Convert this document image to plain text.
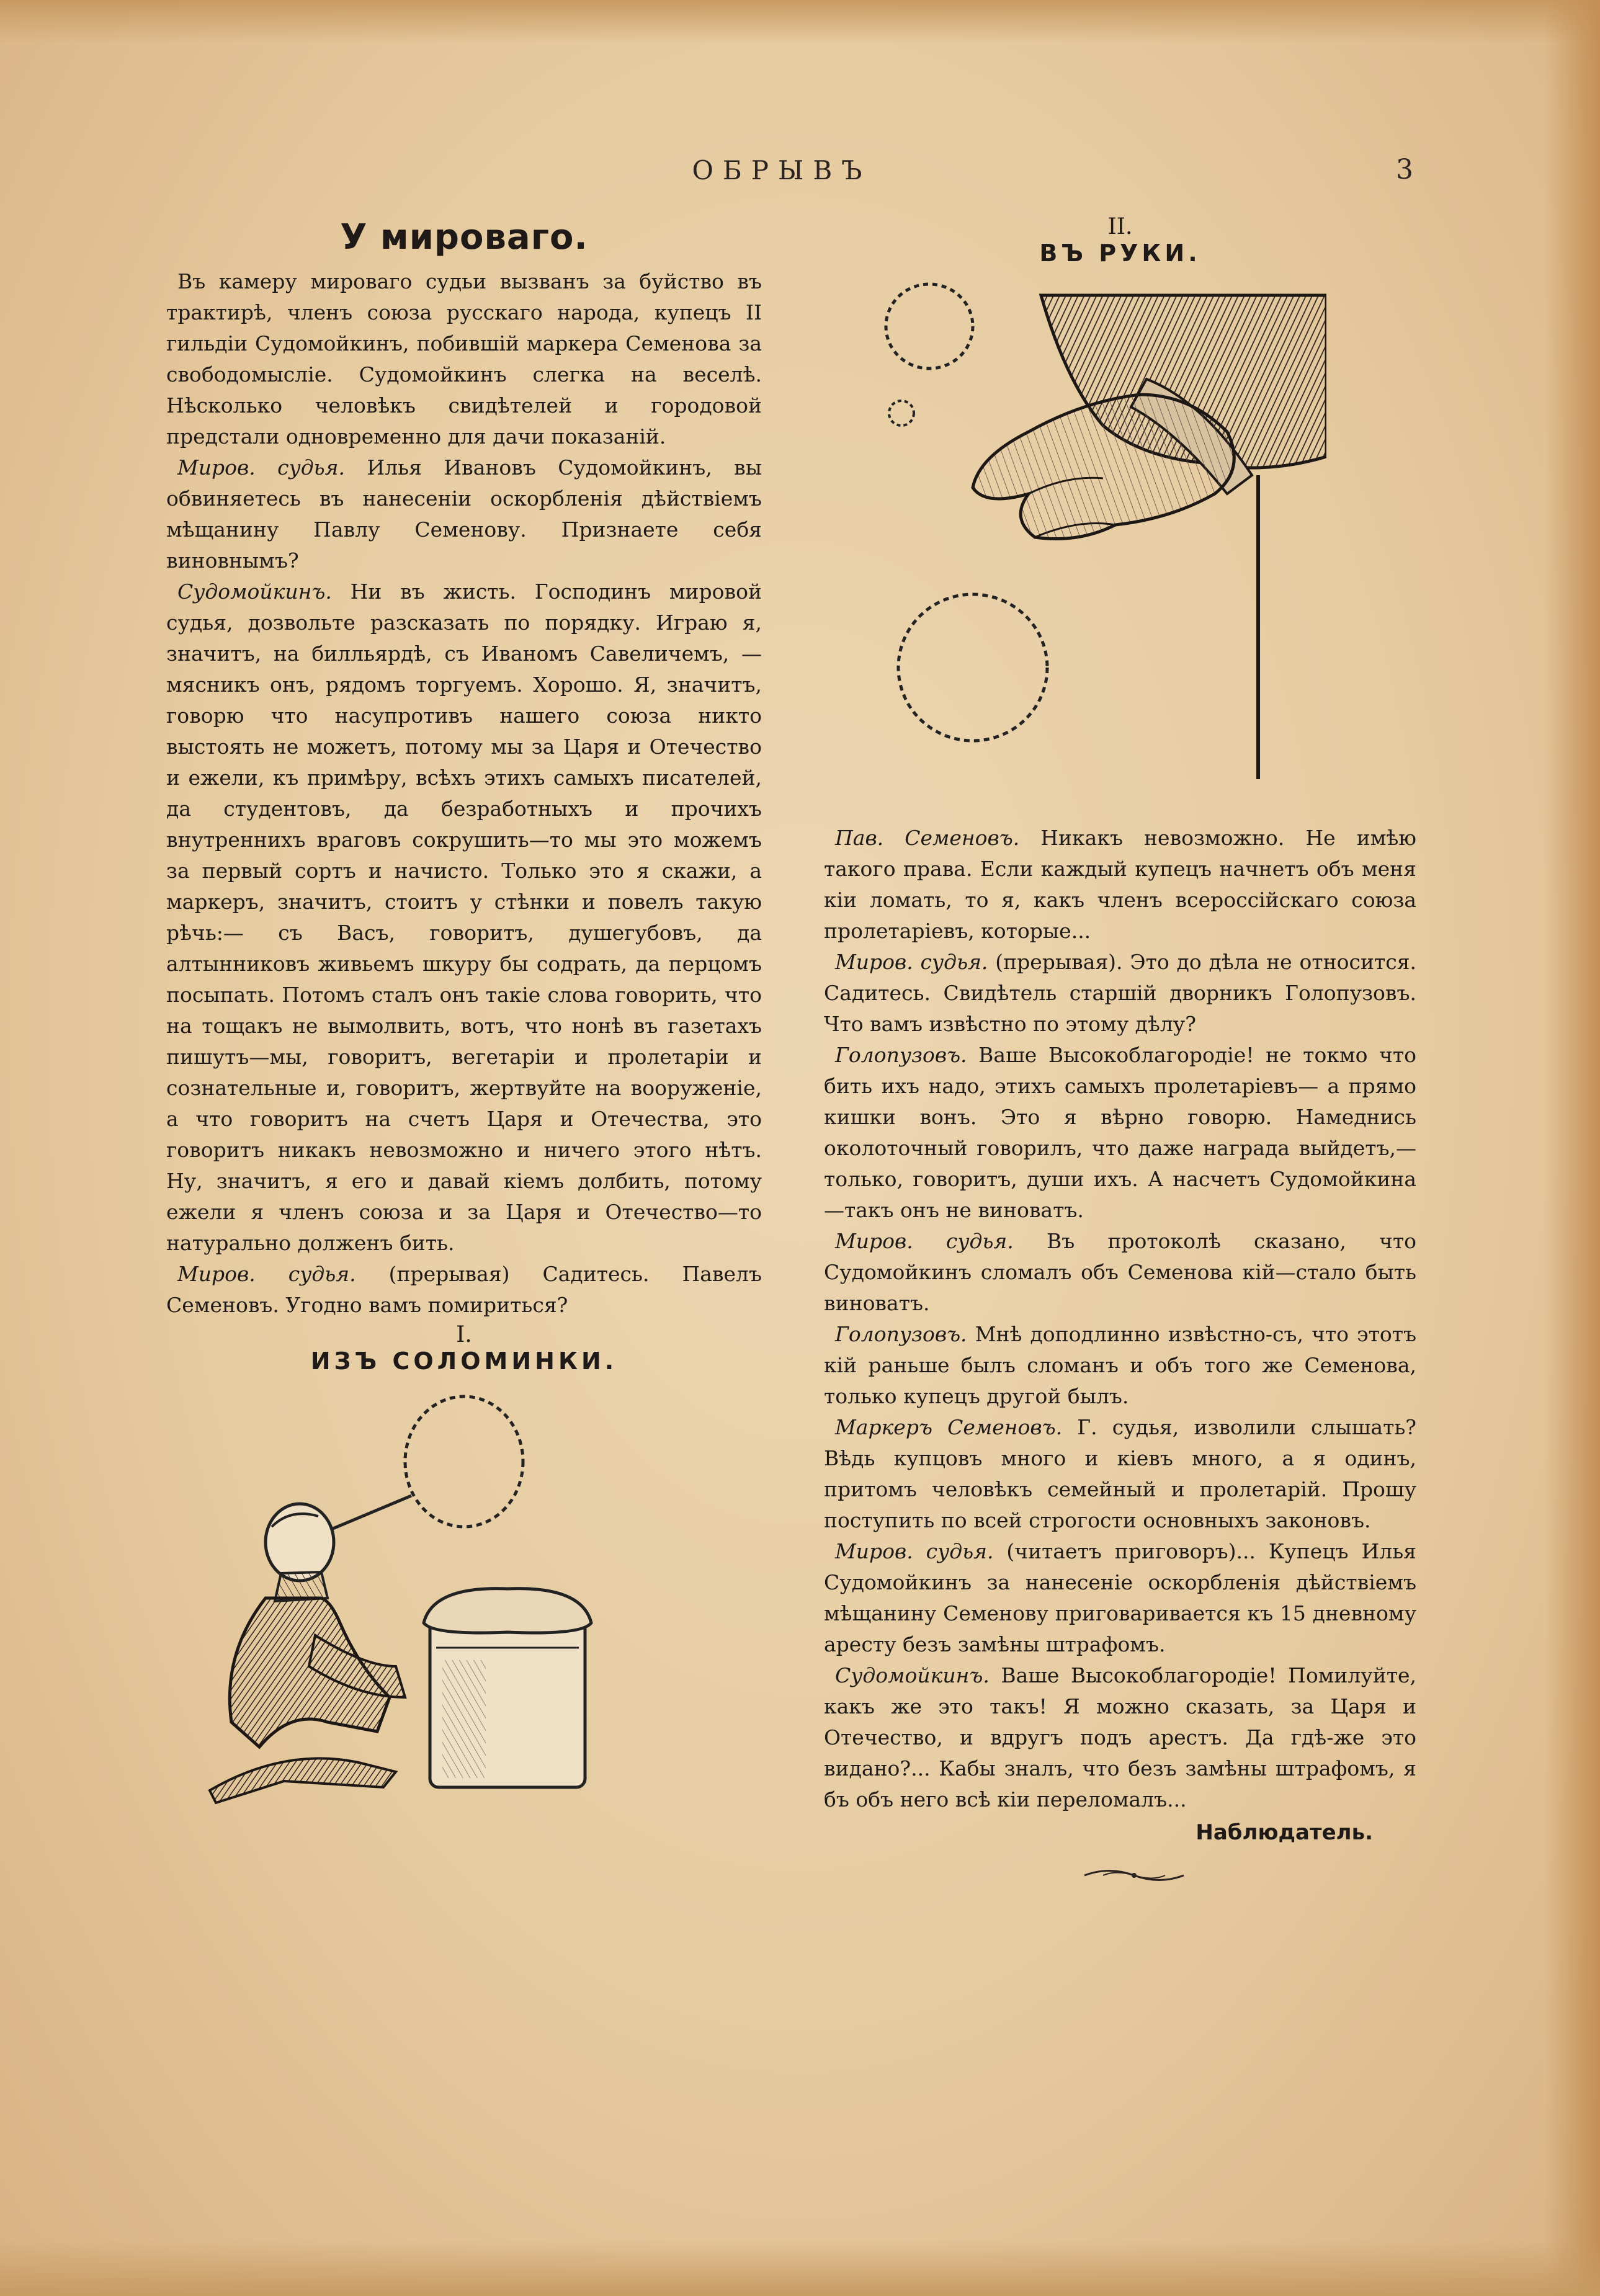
ОБРЫВЪ	3
У мироваго.

Въ камеру мироваго судьи вызванъ за буйство въ трактирѣ, членъ союза русскаго народа, купецъ II гильдіи Судомойкинъ, побившій маркера Семенова за свободомысліе. Судомойкинъ слегка на веселѣ. Нѣсколько человѣкъ свидѣтелей и городовой предстали одновременно для дачи показаній.

Миров. судья. Илья Ивановъ Судомойкинъ, вы обвиняетесь въ нанесеніи оскорбленія дѣйствіемъ мѣщанину Павлу Семенову. Признаете себя виновнымъ?

Судомойкинъ. Ни въ жисть. Господинъ мировой судья, дозвольте разсказать по порядку. Играю я, значитъ, на билльярдѣ, съ Иваномъ Савеличемъ, — мясникъ онъ, рядомъ торгуемъ. Хорошо. Я, значитъ, говорю что насупротивъ нашего союза никто выстоять не можетъ, потому мы за Царя и Отечество и ежели, къ примѣру, всѣхъ этихъ самыхъ писателей, да студентовъ, да безработныхъ и прочихъ внутреннихъ враговъ сокрушить—то мы это можемъ за первый сортъ и начисто. Только это я скажи, а маркеръ, значитъ, стоитъ у стѣнки и повелъ такую рѣчь:— съ Васъ, говоритъ, душегубовъ, да алтынниковъ живьемъ шкуру бы содрать, да перцомъ посыпать. Потомъ сталъ онъ такіе слова говорить, что на тощакъ не вымолвить, вотъ, что нонѣ въ газетахъ пишутъ—мы, говоритъ, вегетаріи и пролетаріи и сознательные и, говоритъ, жертвуйте на вооруженіе, а что говоритъ на счетъ Царя и Отечества, это говоритъ никакъ невозможно и ничего этого нѣтъ. Ну, значитъ, я его и давай кіемъ долбить, потому ежели я членъ союза и за Царя и Отечество—то натурально долженъ бить.

Миров. судья. (прерывая) Садитесь. Павелъ Семеновъ. Угодно вамъ помириться?

I.

ИЗЪ СОЛОМИНКИ.

II.

ВЪ РУКИ.

Пав. Семеновъ. Никакъ невозможно. Не имѣю такого права. Если каждый купецъ начнетъ объ меня кіи ломать, то я, какъ членъ всероссійскаго союза пролетаріевъ, которые...

Миров. судья. (прерывая). Это до дѣла не относится. Садитесь. Свидѣтель старшій дворникъ Голопузовъ. Что вамъ извѣстно по этому дѣлу?

Голопузовъ. Ваше Высокоблагородіе! не токмо что бить ихъ надо, этихъ самыхъ пролетаріевъ— а прямо кишки вонъ. Это я вѣрно говорю. Намеднись околоточный говорилъ, что даже награда выйдетъ,—только, говоритъ, души ихъ. А насчетъ Судомойкина—такъ онъ не виноватъ.

Миров. судья. Въ протоколѣ сказано, что Судомойкинъ сломалъ объ Семенова кій—стало быть виноватъ.

Голопузовъ. Мнѣ доподлинно извѣстно-съ, что этотъ кій раньше былъ сломанъ и объ того же Семенова, только купецъ другой былъ.

Маркеръ Семеновъ. Г. судья, изволили слышать? Вѣдь купцовъ много и кіевъ много, а я одинъ, притомъ человѣкъ семейный и пролетарій. Прошу поступить по всей строгости основныхъ законовъ.

Миров. судья. (читаетъ приговоръ)... Купецъ Илья Судомойкинъ за нанесеніе оскорбленія дѣйствіемъ мѣщанину Семенову приговаривается къ 15 дневному аресту безъ замѣны штрафомъ.

Судомойкинъ. Ваше Высокоблагородіе! Помилуйте, какъ же это такъ! Я можно сказать, за Царя и Отечество, и вдругъ подъ арестъ. Да гдѣ-же это видано?... Кабы зналъ, что безъ замѣны штрафомъ, я бъ объ него всѣ кіи переломалъ...

Наблюдатель.
